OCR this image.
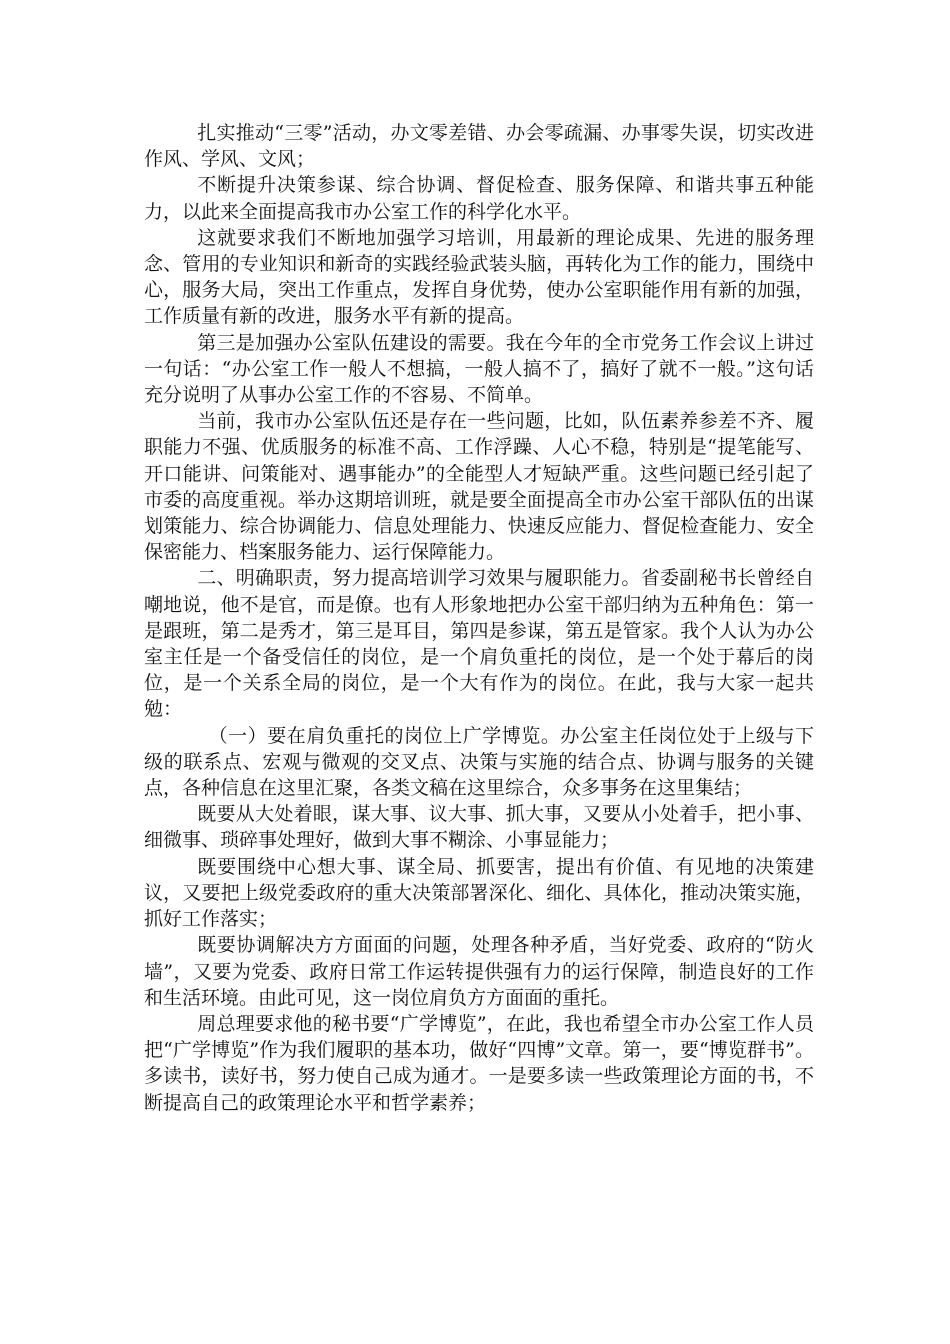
扎实推动“三零”活动，办文零差错、办会零疏漏、办事零失误，切实改进作风、学风、文风；

不断提升决策参谋、综合协调、督促检查、服务保障、和谐共事五种能力，以此来全面提高我市办公室工作的科学化水平。

这就要求我们不断地加强学习培训，用最新的理论成果、先进的服务理念、管用的专业知识和新奇的实践经验武装头脑，再转化为工作的能力，围绕中心，服务大局，突出工作重点，发挥自身优势，使办公室职能作用有新的加强，工作质量有新的改进，服务水平有新的提高。

第三是加强办公室队伍建设的需要。我在今年的全市党务工作会议上讲过一句话：“办公室工作一般人不想搞，一般人搞不了，搞好了就不一般。”这句话充分说明了从事办公室工作的不容易、不简单。

当前，我市办公室队伍还是存在一些问题，比如，队伍素养参差不齐、履职能力不强、优质服务的标准不高、工作浮躁、人心不稳，特别是“提笔能写、开口能讲、问策能对、遇事能办”的全能型人才短缺严重。这些问题已经引起了市委的高度重视。举办这期培训班，就是要全面提高全市办公室干部队伍的出谋划策能力、综合协调能力、信息处理能力、快速反应能力、督促检查能力、安全保密能力、档案服务能力、运行保障能力。

二、明确职责，努力提高培训学习效果与履职能力。省委副秘书长曾经自嘲地说，他不是官，而是僚。也有人形象地把办公室干部归纳为五种角色：第一是跟班，第二是秀才，第三是耳目，第四是参谋，第五是管家。我个人认为办公室主任是一个备受信任的岗位，是一个肩负重托的岗位，是一个处于幕后的岗位，是一个关系全局的岗位，是一个大有作为的岗位。在此，我与大家一起共勉：

（一）要在肩负重托的岗位上广学博览。办公室主任岗位处于上级与下级的联系点、宏观与微观的交叉点、决策与实施的结合点、协调与服务的关键点，各种信息在这里汇聚，各类文稿在这里综合，众多事务在这里集结；

既要从大处着眼，谋大事、议大事、抓大事，又要从小处着手，把小事、细微事、琐碎事处理好，做到大事不糊涂、小事显能力；

既要围绕中心想大事、谋全局、抓要害，提出有价值、有见地的决策建议，又要把上级党委政府的重大决策部署深化、细化、具体化，推动决策实施，抓好工作落实；

既要协调解决方方面面的问题，处理各种矛盾，当好党委、政府的“防火墙”，又要为党委、政府日常工作运转提供强有力的运行保障，制造良好的工作和生活环境。由此可见，这一岗位肩负方方面面的重托。

周总理要求他的秘书要“广学博览”，在此，我也希望全市办公室工作人员把“广学博览”作为我们履职的基本功，做好“四博”文章。第一，要“博览群书”。多读书，读好书，努力使自己成为通才。一是要多读一些政策理论方面的书，不断提高自己的政策理论水平和哲学素养；
